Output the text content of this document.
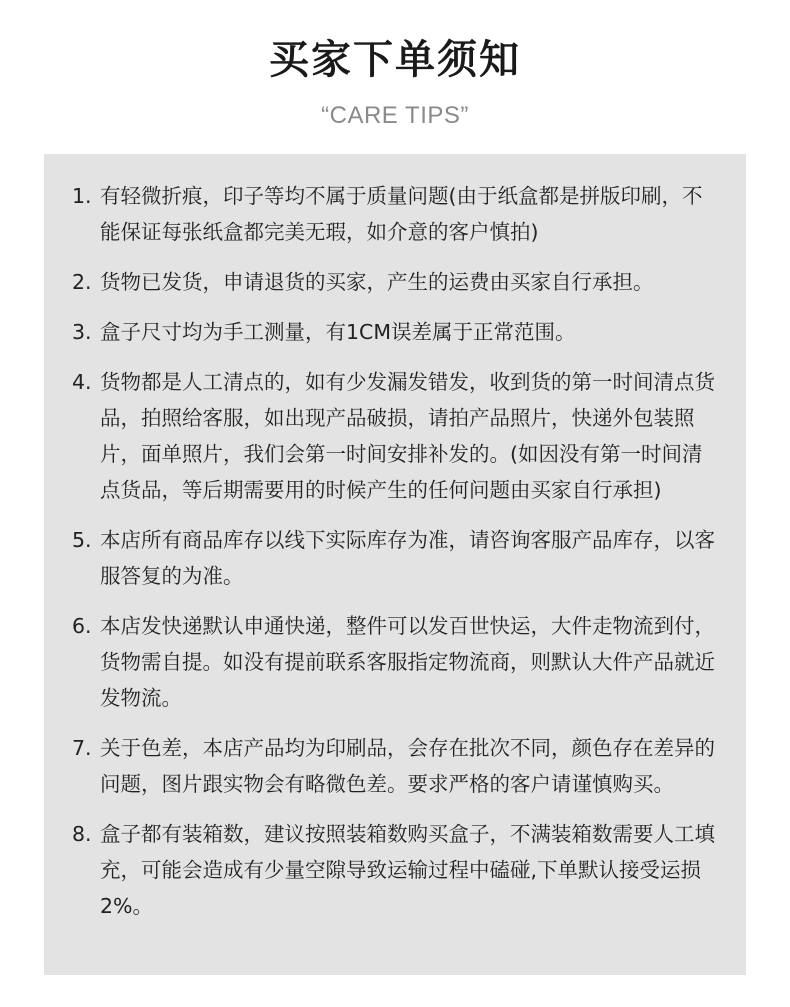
买家下单须知
“CARE TIPS”
1. 有轻微折痕，印子等均不属于质量问题(由于纸盒都是拼版印刷，不能保证每张纸盒都完美无瑕，如介意的客户慎拍)
2. 货物已发货，申请退货的买家，产生的运费由买家自行承担。
3. 盒子尺寸均为手工测量，有1CM误差属于正常范围。
4. 货物都是人工清点的，如有少发漏发错发，收到货的第一时间清点货品，拍照给客服，如出现产品破损，请拍产品照片，快递外包装照片，面单照片，我们会第一时间安排补发的。(如因没有第一时间清点货品，等后期需要用的时候产生的任何问题由买家自行承担)
5. 本店所有商品库存以线下实际库存为准，请咨询客服产品库存，以客服答复的为准。
6. 本店发快递默认申通快递，整件可以发百世快运，大件走物流到付，货物需自提。如没有提前联系客服指定物流商，则默认大件产品就近发物流。
7. 关于色差，本店产品均为印刷品，会存在批次不同，颜色存在差异的问题，图片跟实物会有略微色差。要求严格的客户请谨慎购买。
8. 盒子都有装箱数，建议按照装箱数购买盒子，不满装箱数需要人工填充，可能会造成有少量空隙导致运输过程中磕碰,下单默认接受运损2%。
